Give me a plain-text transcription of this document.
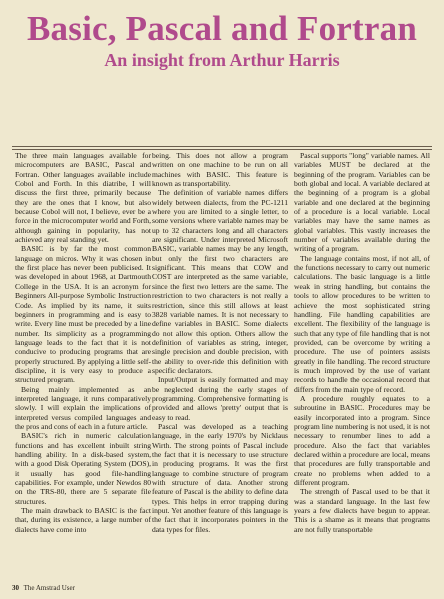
Basic, Pascal and Fortran
An insight from Arthur Harris

The three main languages available for microcomputers are BASIC, Pascal and Fortran. Other languages available include Cobol and Forth. In this diatribe, I will discuss the first three, primarily because they are the ones that I know, but also because Cobol will not, I believe, ever be a force in the microcomputer world and Forth, although gaining in popularity, has not achieved any real standing yet.

BASIC is by far the most common language on micros. Why it was chosen in the first place has never been publicised. It was developed in about 1968, at Dartmouth College in the USA. It is an acronym for Beginners All-purpose Symbolic Instruction Code. As implied by its name, it suits beginners in programming and is easy to write. Every line must be preceded by a line number. Its simplicity as a programming language leads to the fact that it is not conducive to producing programs that are properly structured. By applying a little self-discipline, it is very easy to produce a structured program.

Being mainly implemented as an interpreted language, it runs comparatively slowly. I will explain the implications of interpreted versus compiled languages and the pros and cons of each in a future article.

BASIC's rich in numeric calculation functions and has excellent inbuilt string handling ability. In a disk-based system, with a good Disk Operating System (DOS), it usually has good file-handling capabilities. For example, under Newdos 80 on the TRS-80, there are 5 separate file structures.

The main drawback to BASIC is the fact that, during its existence, a large number of dialects have come into

being. This does not allow a program written on one machine to be run on all machines with BASIC. This feature is known as transportability.

The definition of variable names differs widely between dialects, from the PC-1211 where you are limited to a single letter, to some versions where variable names may be up to 32 characters long and all characters are significant. Under interpreted Microsoft BASIC, variable names may be any length, but only the first two characters are significant. This means that COW and COST are interpreted as the same variable, since the first two letters are the same. The restriction to two characters is not really a restriction, since this still allows at least 3828 variable names. It is not necessary to define variables in BASIC. Some dialects do not allow this option. Others allow the definition of variables as string, integer, single precision and double precision, with the ability to over-ride this definition with specific declarators.

Input/Output is easily formatted and may be neglected during the early stages of programming. Comprehensive formatting is provided and allows 'pretty' output that is easy to read.

Pascal was developed as a teaching language, in the early 1970's by Nicklaus Wirth. The strong points of Pascal include the fact that it is necessary to use structure in producing programs. It was the first language to combine structure of program with structure of data. Another strong feature of Pascal is the ability to define data types. This helps in error trapping during input. Yet another feature of this language is the fact that it incorporates pointers in the data types for files.

Pascal supports "long" variable names. All variables MUST be declared at the beginning of the program. Variables can be both global and local. A variable declared at the beginning of a program is a global variable and one declared at the beginning of a procedure is a local variable. Local variables may have the same names as global variables. This vastly increases the number of variables available during the writing of a program.

The language contains most, if not all, of the functions necessary to carry out numeric calculations. The basic language is a little weak in string handling, but contains the tools to allow procedures to be written to achieve the most sophisticated string handling. File handling capabilities are excellent. The flexibility of the language is such that any type of file handling that is not provided, can be overcome by writing a procedure. The use of pointers assists greatly in file handling. The record structure is much improved by the use of variant records to handle the occasional record that differs from the main type of record.

A procedure roughly equates to a subroutine in BASIC. Procedures may be easily incorporated into a program. Since program line numbering is not used, it is not necessary to renumber lines to add a procedure. Also the fact that variables declared within a procedure are local, means that procedures are fully transportable and create no problems when added to a different program.

The strength of Pascal used to be that it was a standard language. In the last few years a few dialects have begun to appear. This is a shame as it means that programs are not fully transportable

30 The Amstrad User
